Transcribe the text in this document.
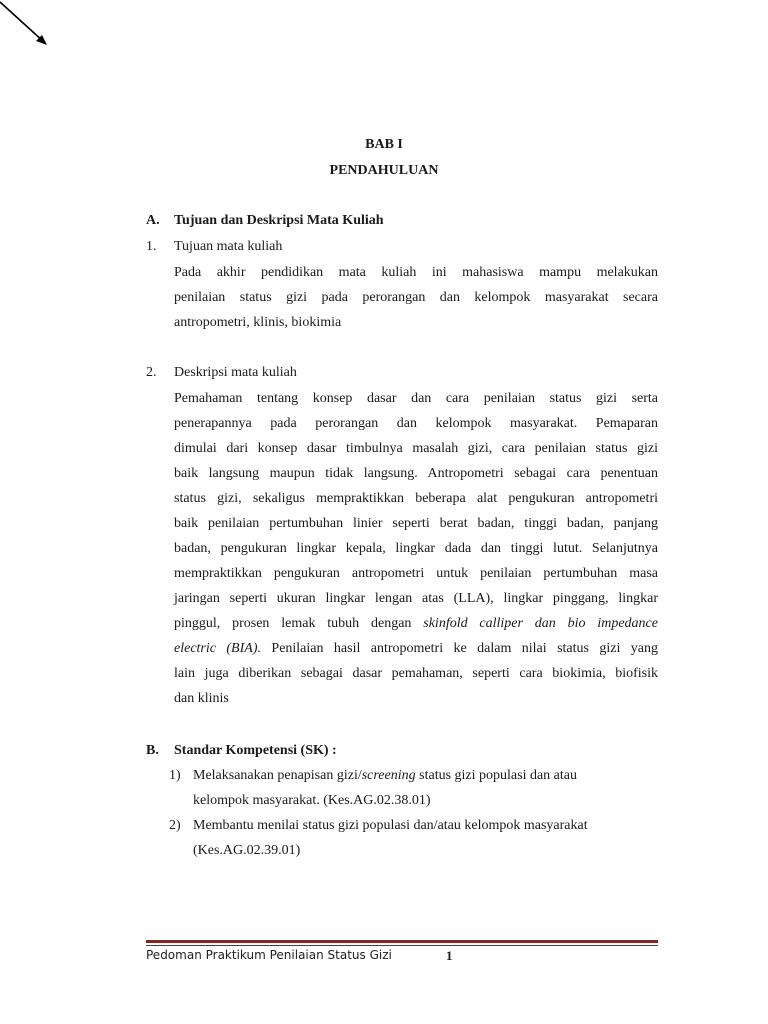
BAB I
PENDAHULUAN
A. Tujuan dan Deskripsi Mata Kuliah
1. Tujuan mata kuliah

Pada akhir pendidikan mata kuliah ini mahasiswa mampu melakukan

penilaian status gizi pada perorangan dan kelompok masyarakat secara

antropometri, klinis, biokimia

2. Deskripsi mata kuliah

Pemahaman tentang konsep dasar dan cara penilaian status gizi serta

penerapannya pada perorangan dan kelompok masyarakat. Pemaparan

dimulai dari konsep dasar timbulnya masalah gizi, cara penilaian status gizi

baik langsung maupun tidak langsung. Antropometri sebagai cara penentuan

status gizi, sekaligus mempraktikkan beberapa alat pengukuran antropometri

baik penilaian pertumbuhan linier seperti berat badan, tinggi badan, panjang

badan, pengukuran lingkar kepala, lingkar dada dan tinggi lutut. Selanjutnya

mempraktikkan pengukuran antropometri untuk penilaian pertumbuhan masa

jaringan seperti ukuran lingkar lengan atas (LLA), lingkar pinggang, lingkar

pinggul, prosen lemak tubuh dengan skinfold calliper dan bio impedance

electric (BIA). Penilaian hasil antropometri ke dalam nilai status gizi yang

lain juga diberikan sebagai dasar pemahaman, seperti cara biokimia, biofisik

dan klinis

B. Standar Kompetensi (SK) :
1) Melaksanakan penapisan gizi/screening status gizi populasi dan atau
kelompok masyarakat. (Kes.AG.02.38.01)
2) Membantu menilai status gizi populasi dan/atau kelompok masyarakat
(Kes.AG.02.39.01)
Pedoman Praktikum Penilaian Status Gizi	1
